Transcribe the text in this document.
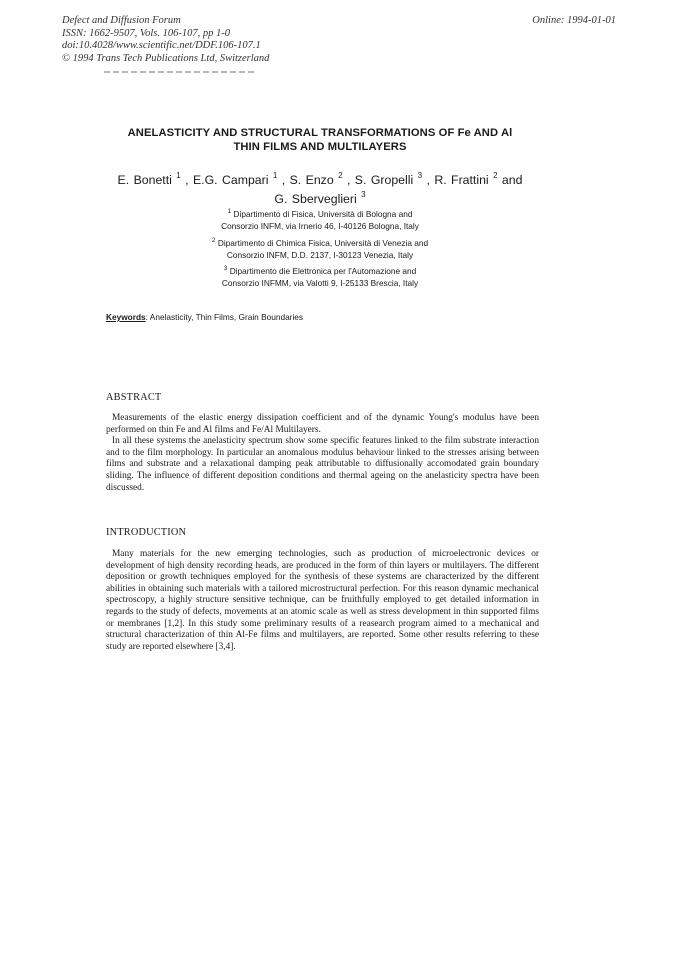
Defect and Diffusion Forum
ISSN: 1662-9507, Vols. 106-107, pp 1-0
doi:10.4028/www.scientific.net/DDF.106-107.1
© 1994 Trans Tech Publications Ltd, Switzerland
Online: 1994-01-01
ANELASTICITY AND STRUCTURAL TRANSFORMATIONS OF Fe AND Al
THIN FILMS AND MULTILAYERS
E. Bonetti $^1$ , E.G. Campari $^1$ , S. Enzo $^2$ , S. Gropelli $^3$ , R. Frattini $^2$ and
G. Sberveglieri $^3$
$^1$ Dipartimento di Fisica, Università di Bologna and
Consorzio INFM, via Irnerio 46, I-40126 Bologna, Italy
$^2$ Dipartimento di Chimica Fisica, Università di Venezia and
Consorzio INFM, D.D. 2137, I-30123 Venezia, Italy
$^3$ Dipartimento die Elettronica per l'Automazione and
Consorzio INFMM, via Valotti 9, I-25133 Brescia, Italy
Keywords: Anelasticity, Thin Films, Grain Boundaries
ABSTRACT

Measurements of the elastic energy dissipation coefficient and of the dynamic Young's modulus have been performed on thin Fe and Al films and Fe/Al Multilayers.

In all these systems the anelasticity spectrum show some specific features linked to the film substrate interaction and to the film morphology. In particular an anomalous modulus behaviour linked to the stresses arising between films and substrate and a relaxational damping peak attributable to diffusionally accomodated grain boundary sliding. The influence of different deposition conditions and thermal ageing on the anelasticity spectra have been discussed.

INTRODUCTION

Many materials for the new emerging technologies, such as production of microelectronic devices or development of high density recording heads, are produced in the form of thin layers or multilayers. The different deposition or growth techniques employed for the synthesis of these systems are characterized by the different abilities in obtaining such materials with a tailored microstructural perfection. For this reason dynamic mechanical spectroscopy, a highly structure sensitive technique, can be fruithfully employed to get detailed information in regards to the study of defects, movements at an atomic scale as well as stress development in thin supported films or membranes [1,2]. In this study some preliminary results of a reasearch program aimed to a mechanical and structural characterization of thin Al-Fe films and multilayers, are reported. Some other results referring to these study are reported elsewhere [3,4].
